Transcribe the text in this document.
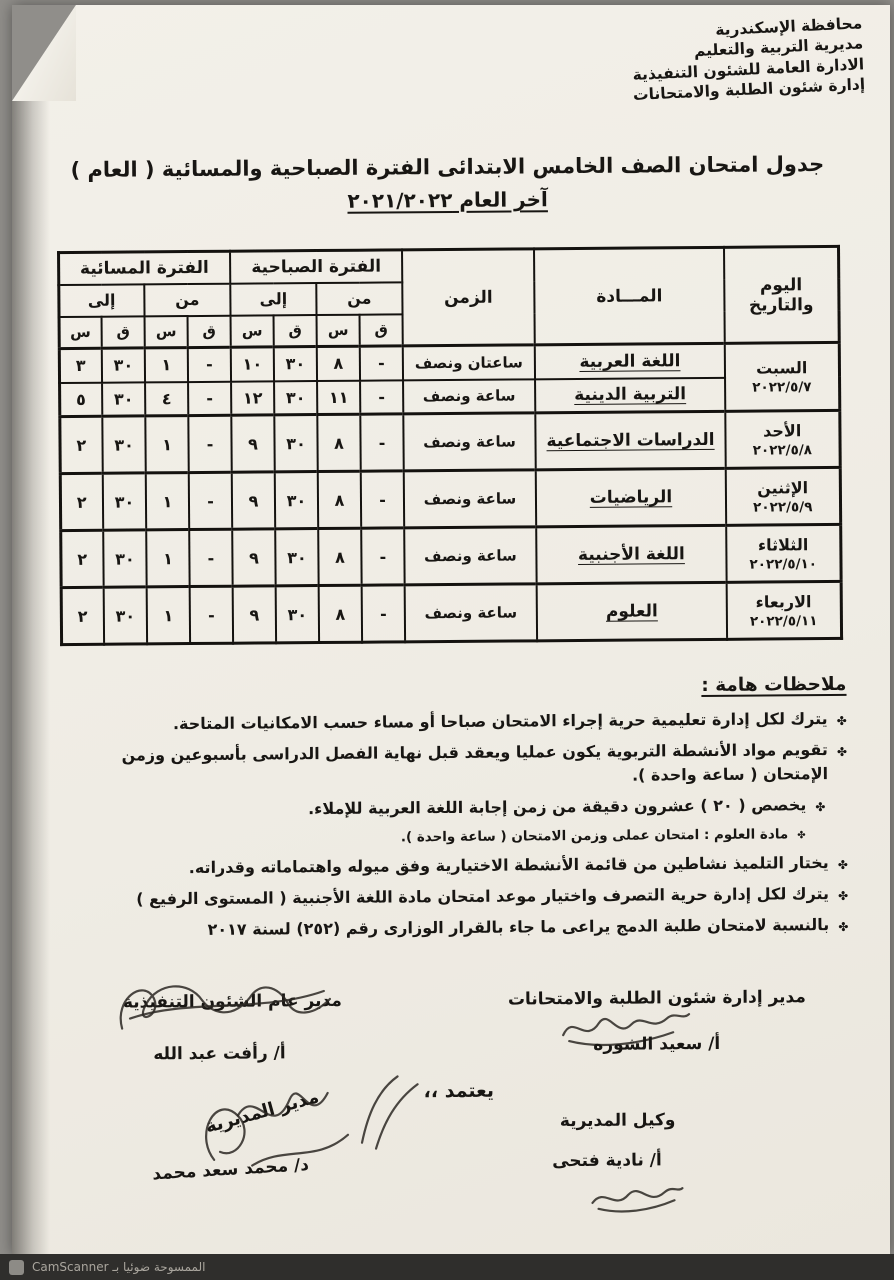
محافظة الإسكندرية
مديرية التربية والتعليم
الادارة العامة للشئون التنفيذية
إدارة شئون الطلبة والامتحانات
جدول امتحان الصف الخامس الابتدائى الفترة الصباحية والمسائية ( العام )
آخر العام ٢٠٢١/٢٠٢٢
اليوم والتاريخ	المـــادة	الزمن	الفترة الصباحية				الفترة المسائية			
			من		إلى		من		إلى	
			ق	س	ق	س	ق	س	ق	س

السبت
٢٠٢٢/٥/٧	اللغة العربية	ساعتان ونصف	-	٨	٣٠	١٠	-	١	٣٠	٣
	التربية الدينية	ساعة ونصف	-	١١	٣٠	١٢	-	٤	٣٠	٥

الأحد
٢٠٢٢/٥/٨	الدراسات الاجتماعية	ساعة ونصف	-	٨	٣٠	٩	-	١	٣٠	٢

الإثنين
٢٠٢٢/٥/٩	الرياضيات	ساعة ونصف	-	٨	٣٠	٩	-	١	٣٠	٢

الثلاثاء
٢٠٢٢/٥/١٠	اللغة الأجنبية	ساعة ونصف	-	٨	٣٠	٩	-	١	٣٠	٢

الاربعاء
٢٠٢٢/٥/١١	العلوم	ساعة ونصف	-	٨	٣٠	٩	-	١	٣٠	٢
ملاحظات هامة :
✤
يترك لكل إدارة تعليمية حرية إجراء الامتحان صباحا أو مساء حسب الامكانيات المتاحة.
✤
تقويم مواد الأنشطة التربوية يكون عمليا ويعقد قبل نهاية الفصل الدراسى بأسبوعين وزمن الإمتحان ( ساعة واحدة ).
✤
يخصص ( ٢٠ ) عشرون دقيقة من زمن إجابة اللغة العربية للإملاء.
✤
مادة العلوم : امتحان عملى وزمن الامتحان ( ساعة واحدة ).
✤
يختار التلميذ نشاطين من قائمة الأنشطة الاختيارية وفق ميوله واهتماماته وقدراته.
✤
يترك لكل إدارة حرية التصرف واختيار موعد امتحان مادة اللغة الأجنبية ( المستوى الرفيع )
✤
بالنسبة لامتحان طلبة الدمج يراعى ما جاء بالقرار الوزارى رقم (٢٥٢) لسنة ٢٠١٧
مدير إدارة شئون الطلبة والامتحانات
أ/ سعيد الشوره
مدير عام الشئون التنفيذية
أ/ رأفت عبد الله
يعتمد ،،
وكيل المديرية
أ/ نادية فتحى
مدير المديرية
د/ محمد سعد محمد
الممسوحة ضوئيا بـ CamScanner
